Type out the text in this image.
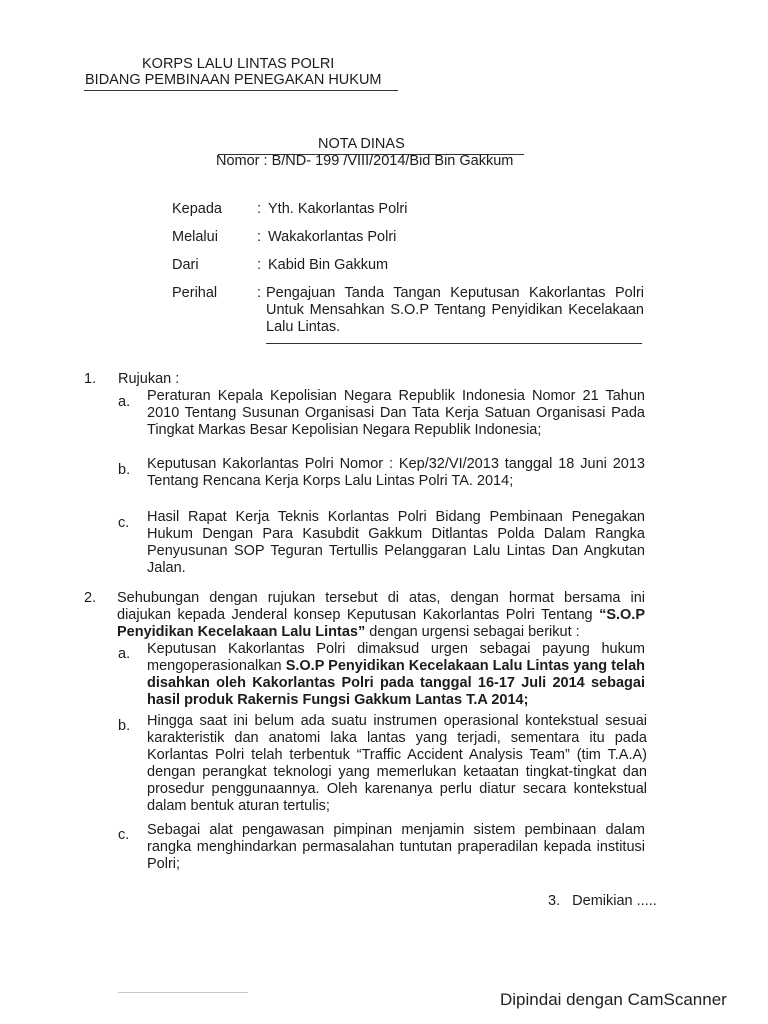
KORPS LALU LINTAS POLRI
BIDANG PEMBINAAN PENEGAKAN HUKUM
NOTA DINAS
Nomor : B/ND- 199 /VIII/2014/Bid Bin Gakkum
Kepada : Yth. Kakorlantas Polri
Melalui	: Wakakorlantas Polri
Dari	: Kabid Bin Gakkum
Perihal	: Pengajuan Tanda Tangan Keputusan Kakorlantas Polri Untuk Mensahkan S.O.P Tentang Penyidikan Kecelakaan Lalu Lintas.
1. Rujukan :
a. Peraturan Kepala Kepolisian Negara Republik Indonesia Nomor 21 Tahun 2010 Tentang Susunan Organisasi Dan Tata Kerja Satuan Organisasi Pada Tingkat Markas Besar Kepolisian Negara Republik Indonesia;
b. Keputusan Kakorlantas Polri Nomor : Kep/32/VI/2013 tanggal 18 Juni 2013 Tentang Rencana Kerja Korps Lalu Lintas Polri TA. 2014;
c. Hasil Rapat Kerja Teknis Korlantas Polri Bidang Pembinaan Penegakan Hukum Dengan Para Kasubdit Gakkum Ditlantas Polda Dalam Rangka Penyusunan SOP Teguran Tertullis Pelanggaran Lalu Lintas Dan Angkutan Jalan.
2. Sehubungan dengan rujukan tersebut di atas, dengan hormat bersama ini diajukan kepada Jenderal konsep Keputusan Kakorlantas Polri Tentang “S.O.P Penyidikan Kecelakaan Lalu Lintas” dengan urgensi sebagai berikut :
a. Keputusan Kakorlantas Polri dimaksud urgen sebagai payung hukum mengoperasionalkan S.O.P Penyidikan Kecelakaan Lalu Lintas yang telah disahkan oleh Kakorlantas Polri pada tanggal 16-17 Juli 2014 sebagai hasil produk Rakernis Fungsi Gakkum Lantas T.A 2014;
b. Hingga saat ini belum ada suatu instrumen operasional kontekstual sesuai karakteristik dan anatomi laka lantas yang terjadi, sementara itu pada Korlantas Polri telah terbentuk “Traffic Accident Analysis Team” (tim T.A.A) dengan perangkat teknologi yang memerlukan ketaatan tingkat-tingkat dan prosedur penggunaannya. Oleh karenanya perlu diatur secara kontekstual dalam bentuk aturan tertulis;
c. Sebagai alat pengawasan pimpinan menjamin sistem pembinaan dalam rangka menghindarkan permasalahan tuntutan praperadilan kepada institusi Polri;
3.   Demikian .....
Dipindai dengan CamScanner
